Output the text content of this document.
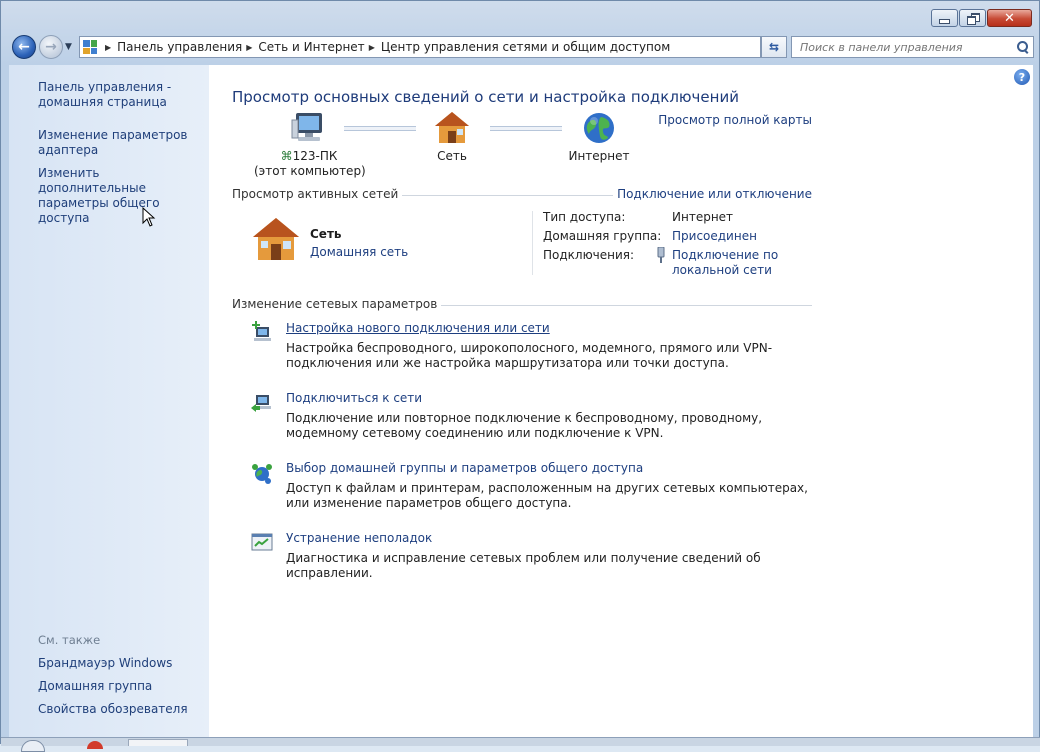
✕
← → ▼	▶ Панель управления ▶ Сеть и Интернет ▶ Центр управления сетями и общим доступом	⇆
Поиск в панели управления
Панель управления -
домашняя страница
Изменение параметров
адаптера
Изменить дополнительные
параметры общего доступа
См. также
Брандмауэр Windows
Домашняя группа
Свойства обозревателя
?
Просмотр основных сведений о сети и настройка подключений
Просмотр полной карты
⌘123-ПК
(этот компьютер)
Сеть	Интернет
Просмотр активных сетей	Подключение или отключение
Сеть
Домашняя сеть
Тип доступа:	Интернет
Домашняя группа: Присоединен
Подключения:	Подключение по
локальной сети
Изменение сетевых параметров
Настройка нового подключения или сети
Настройка беспроводного, широкополосного, модемного, прямого или VPN-подключения или же настройка маршрутизатора или точки доступа.
Подключиться к сети
Подключение или повторное подключение к беспроводному, проводному, модемному сетевому соединению или подключение к VPN.
Выбор домашней группы и параметров общего доступа
Доступ к файлам и принтерам, расположенным на других сетевых компьютерах, или изменение параметров общего доступа.
Устранение неполадок
Диагностика и исправление сетевых проблем или получение сведений об исправлении.
